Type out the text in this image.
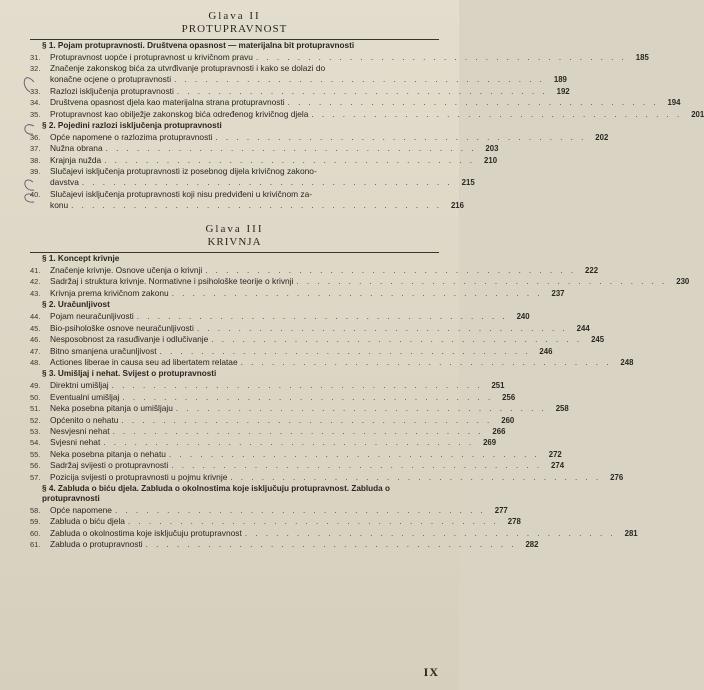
Glava II
PROTUPRAVNOST
§ 1. Pojam protupravnosti. Društvena opasnost — materijalna bit protupravnosti
31.	Protupravnost uopće i protupravnost u krivičnom pravu . . . . . . . . . . . . . . . . . . . . . . . . . . . . . . . . . . . .	185
32.	Značenje zakonskog bića za utvrđivanje protupravnosti i kako se dolazi do
konačne ocjene o protupravnosti . . . . . . . . . . . . . . . . . . . . . . . . . . . . . . . . . . . .	189
33.	Razlozi isključenja protupravnosti . . . . . . . . . . . . . . . . . . . . . . . . . . . . . . . . . . . .	192
34.	Društvena opasnost djela kao materijalna strana protupravnosti . . . . . . . . . . . . . . . . . . . . . . . . . . . . . . . . . . . .	194
35.	Protupravnost kao obilježje zakonskog bića određenog krivičnog djela . . . . . . . . . . . . . . . . . . . . . . . . . . . . . . . . . . . .	201
§ 2. Pojedini razlozi isključenja protupravnosti
36.	Opće napomene o razlozima protupravnosti . . . . . . . . . . . . . . . . . . . . . . . . . . . . . . . . . . . .	202
37.	Nužna obrana . . . . . . . . . . . . . . . . . . . . . . . . . . . . . . . . . . . .	203
38.	Krajnja nužda . . . . . . . . . . . . . . . . . . . . . . . . . . . . . . . . . . . .	210
39.	Slučajevi isključenja protupravnosti iz posebnog dijela krivičnog zakono-
davstva . . . . . . . . . . . . . . . . . . . . . . . . . . . . . . . . . . . .	215
40.	Slučajevi isključenja protupravnosti koji nisu predviđeni u krivičnom za-
konu . . . . . . . . . . . . . . . . . . . . . . . . . . . . . . . . . . . .	216
Glava III
KRIVNJA
§ 1. Koncept krivnje
41.	Značenje krivnje. Osnove učenja o krivnji . . . . . . . . . . . . . . . . . . . . . . . . . . . . . . . . . . . .	222
42.	Sadržaj i struktura krivnje. Normativne i psihološke teorije o krivnji . . . . . . . . . . . . . . . . . . . . . . . . . . . . . . . . . . . .	230
43.	Krivnja prema krivičnom zakonu . . . . . . . . . . . . . . . . . . . . . . . . . . . . . . . . . . . .	237
§ 2. Uračunljivost
44.	Pojam neuračunljivosti . . . . . . . . . . . . . . . . . . . . . . . . . . . . . . . . . . . .	240
45.	Bio-psihološke osnove neuračunljivosti . . . . . . . . . . . . . . . . . . . . . . . . . . . . . . . . . . . .	244
46.	Nesposobnost za rasuđivanje i odlučivanje . . . . . . . . . . . . . . . . . . . . . . . . . . . . . . . . . . . .	245
47.	Bitno smanjena uračunljivost . . . . . . . . . . . . . . . . . . . . . . . . . . . . . . . . . . . .	246
48.	Actiones liberae in causa seu ad libertatem relatae . . . . . . . . . . . . . . . . . . . . . . . . . . . . . . . . . . . .	248
§ 3. Umišljaj i nehat. Svijest o protupravnosti
49.	Direktni umišljaj . . . . . . . . . . . . . . . . . . . . . . . . . . . . . . . . . . . .	251
50.	Eventualni umišljaj . . . . . . . . . . . . . . . . . . . . . . . . . . . . . . . . . . . .	256
51.	Neka posebna pitanja o umišljaju . . . . . . . . . . . . . . . . . . . . . . . . . . . . . . . . . . . .	258
52.	Općenito o nehatu . . . . . . . . . . . . . . . . . . . . . . . . . . . . . . . . . . . .	260
53.	Nesvjesni nehat . . . . . . . . . . . . . . . . . . . . . . . . . . . . . . . . . . . .	266
54.	Svjesni nehat . . . . . . . . . . . . . . . . . . . . . . . . . . . . . . . . . . . .	269
55.	Neka posebna pitanja o nehatu . . . . . . . . . . . . . . . . . . . . . . . . . . . . . . . . . . . .	272
56.	Sadržaj svijesti o protupravnosti . . . . . . . . . . . . . . . . . . . . . . . . . . . . . . . . . . . .	274
57.	Pozicija svijesti o protupravnosti u pojmu krivnje . . . . . . . . . . . . . . . . . . . . . . . . . . . . . . . . . . . .	276
§ 4. Zabluda o biću djela. Zabluda o okolnostima koje isključuju protupravnost. Zabluda o protupravnosti
58.	Opće napomene . . . . . . . . . . . . . . . . . . . . . . . . . . . . . . . . . . . .	277
59.	Zabluda o biću djela . . . . . . . . . . . . . . . . . . . . . . . . . . . . . . . . . . . .	278
60.	Zabluda o okolnostima koje isključuju protupravnost . . . . . . . . . . . . . . . . . . . . . . . . . . . . . . . . . . . .	281
61.	Zabluda o protupravnosti . . . . . . . . . . . . . . . . . . . . . . . . . . . . . . . . . . . .	282
IX
